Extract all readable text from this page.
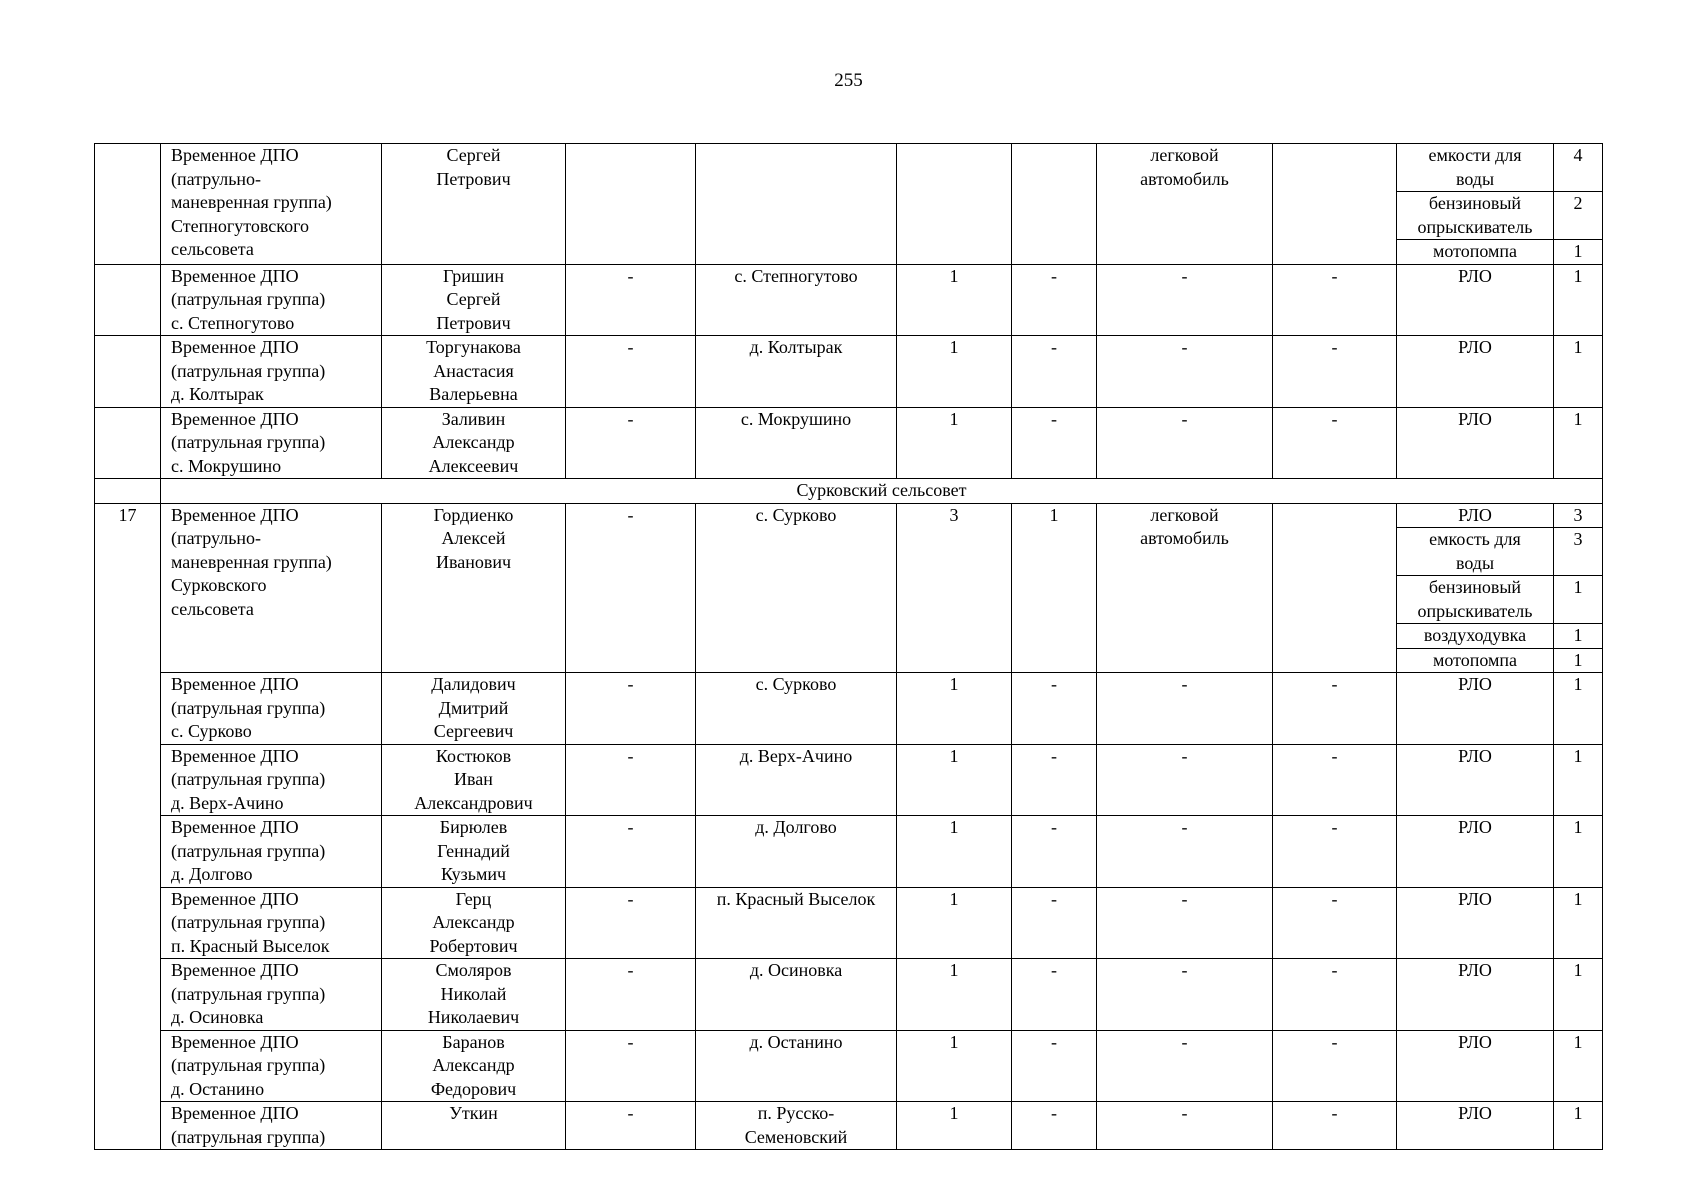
255
	Временное ДПО
(патрульно-
маневренная группа)
Степногутовского
сельсовета	Сергей
Петрович					легковой
автомобиль		емкости для
воды	4
									бензиновый
опрыскиватель	2
									мотопомпа	1
	Временное ДПО
(патрульная группа)
с. Степногутово	Гришин
Сергей
Петрович	-	с. Степногутово	1	-	-	-	РЛО	1
	Временное ДПО
(патрульная группа)
д. Колтырак	Торгунакова
Анастасия
Валерьевна	-	д. Колтырак	1	-	-	-	РЛО	1
	Временное ДПО
(патрульная группа)
с. Мокрушино	Заливин
Александр
Алексеевич	-	с. Мокрушино	1	-	-	-	РЛО	1
	Сурковский сельсовет									
17	Временное ДПО
(патрульно-
маневренная группа)
Сурковского
сельсовета	Гордиенко
Алексей
Иванович	-	с. Сурково	3	1	легковой
автомобиль		РЛО	3
									емкость для
воды	3
									бензиновый
опрыскиватель	1
									воздуходувка	1
									мотопомпа	1
	Временное ДПО
(патрульная группа)
с. Сурково	Далидович
Дмитрий
Сергеевич	-	с. Сурково	1	-	-	-	РЛО	1
	Временное ДПО
(патрульная группа)
д. Верх-Ачино	Костюков
Иван
Александрович	-	д. Верх-Ачино	1	-	-	-	РЛО	1
	Временное ДПО
(патрульная группа)
д. Долгово	Бирюлев
Геннадий
Кузьмич	-	д. Долгово	1	-	-	-	РЛО	1
	Временное ДПО
(патрульная группа)
п. Красный Выселок	Герц
Александр
Робертович	-	п. Красный Выселок	1	-	-	-	РЛО	1
	Временное ДПО
(патрульная группа)
д. Осиновка	Смоляров
Николай
Николаевич	-	д. Осиновка	1	-	-	-	РЛО	1
	Временное ДПО
(патрульная группа)
д. Останино	Баранов
Александр
Федорович	-	д. Останино	1	-	-	-	РЛО	1
	Временное ДПО
(патрульная группа)	Уткин	-	п. Русско-
Семеновский	1	-	-	-	РЛО	1
